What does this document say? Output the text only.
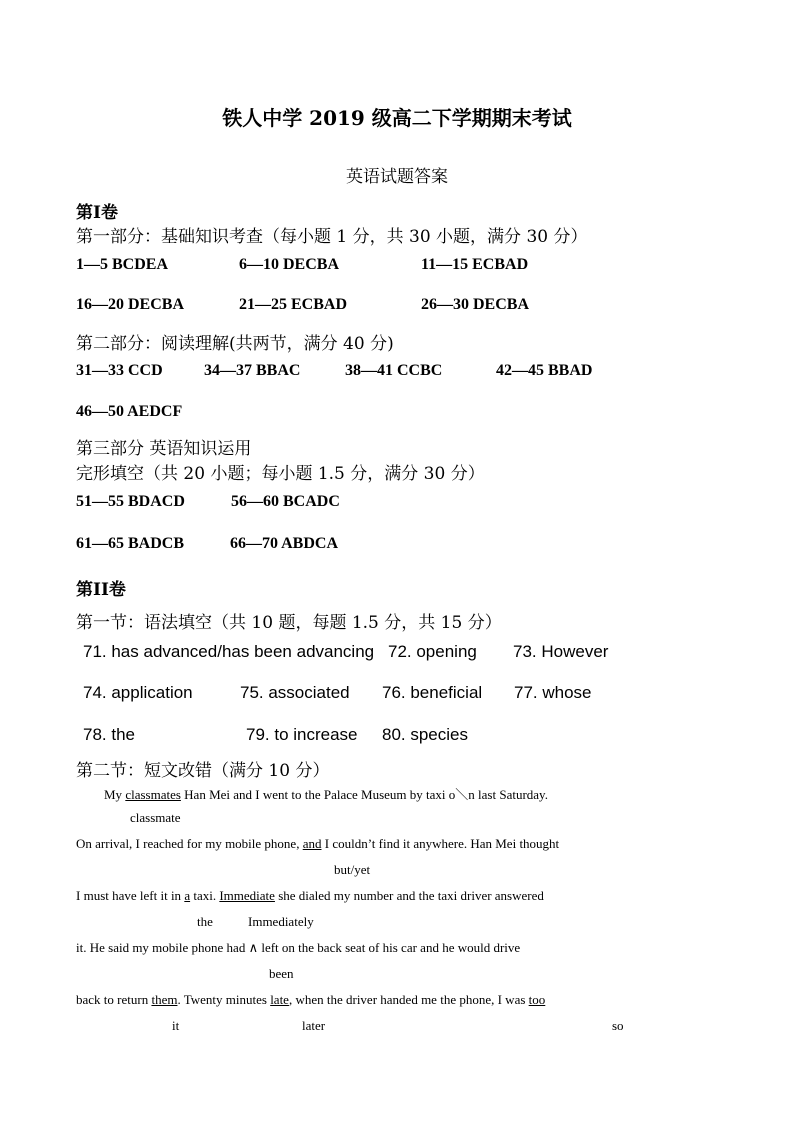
铁人中学 2019 级高二下学期期末考试
英语试题答案
第I卷
第一部分：基础知识考查（每小题 1 分，共 30 小题，满分 30 分）
1—5 BCDEA	6—10 DECBA	11—15 ECBAD
16—20 DECBA	21—25 ECBAD	26—30 DECBA
第二部分：阅读理解(共两节，满分 40 分)
31—33 CCD	34—37 BBAC	38—41 CCBC	42—45 BBAD
46—50 AEDCF
第三部分 英语知识运用
完形填空（共 20 小题；每小题 1.5 分，满分 30 分）
51—55 BDACD	56—60 BCADC
61—65 BADCB	66—70 ABDCA
第II卷
第一节：语法填空（共 10 题，每题 1.5 分，共 15 分）
71. has advanced/has been advancing 72. opening 73. However
74. application	75. associated 76. beneficial 77. whose
78. the	79. to increase 80. species
第二节：短文改错（满分 10 分）
My classmates Han Mei and I went to the Palace Museum by taxi o＼n last Saturday.
classmate
On arrival, I reached for my mobile phone, and I couldn’t find it anywhere. Han Mei thought
but/yet
I must have left it in a taxi. Immediate she dialed my number and the taxi driver answered
the	Immediately
it. He said my mobile phone had ∧ left on the back seat of his car and he would drive
been
back to return them. Twenty minutes late, when the driver handed me the phone, I was too
it	later	so
